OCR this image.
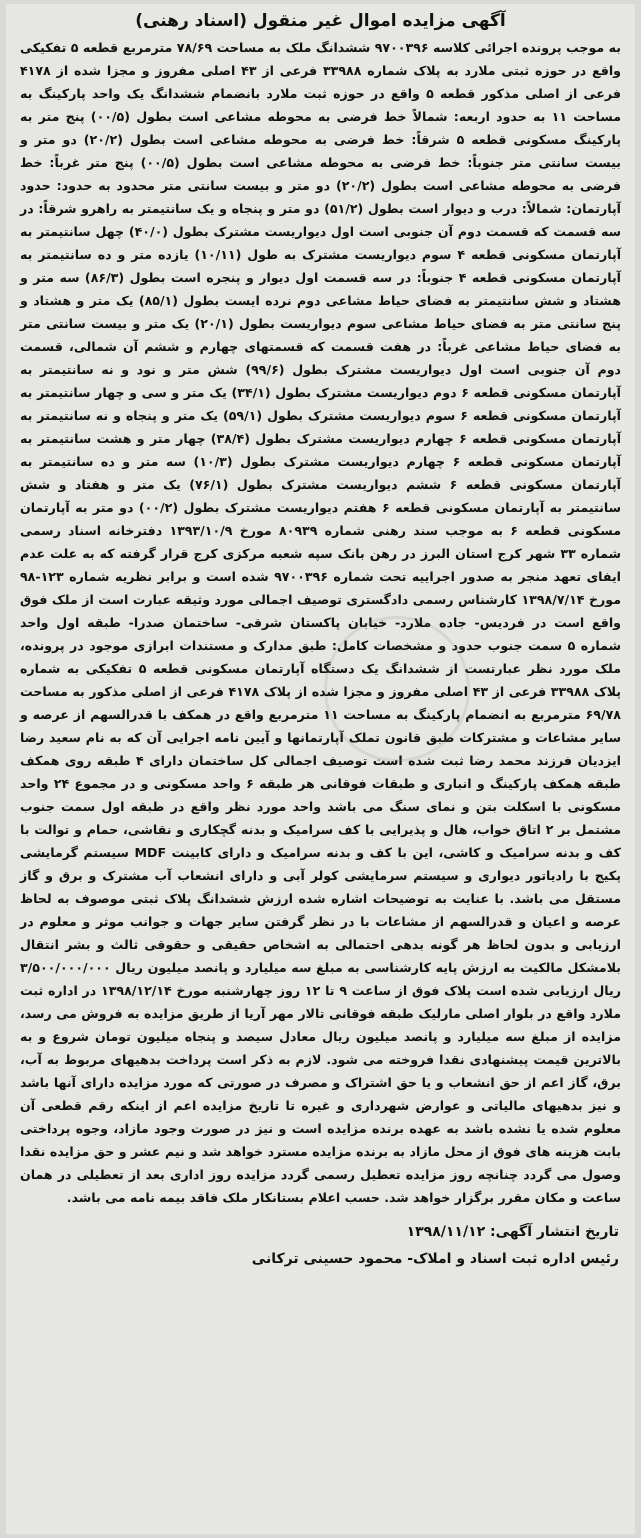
آگهی مزایده اموال غیر منقول (اسناد رهنی)

به موجب پرونده اجرائی کلاسه ۹۷۰۰۳۹۶ ششدانگ ملک به مساحت ۷۸/۶۹ مترمربع قطعه ۵ تفکیکی واقع در حوزه ثبتی ملارد به پلاک شماره ۳۳۹۸۸ فرعی از ۴۳ اصلی مفروز و مجزا شده از ۴۱۷۸ فرعی از اصلی مذکور قطعه ۵ واقع در حوزه ثبت ملارد بانضمام ششدانگ یک واحد پارکینگ به مساحت ۱۱ به حدود اربعه: شمالاً خط فرضی به محوطه مشاعی است بطول (۰۰/۵) پنج متر به پارکینگ مسکونی قطعه ۵ شرقاً: خط فرضی به محوطه مشاعی است بطول (۲۰/۲) دو متر و بیست سانتی متر جنوباً: خط فرضی به محوطه مشاعی است بطول (۰۰/۵) پنج متر غرباً: خط فرضی به محوطه مشاعی است بطول (۲۰/۲) دو متر و بیست سانتی متر محدود به حدود: حدود آپارتمان: شمالاً: درب و دیوار است بطول (۵۱/۲) دو متر و پنجاه و یک سانتیمتر به راهرو شرقاً: در سه قسمت که قسمت دوم آن جنوبی است اول دیواریست مشترک بطول (۴۰/۰) چهل سانتیمتر به آپارتمان مسکونی قطعه ۴ سوم دیواریست مشترک به طول (۱۰/۱۱) یازده متر و ده سانتیمتر به آپارتمان مسکونی قطعه ۴ جنوباً: در سه قسمت اول دیوار و پنجره است بطول (۸۶/۳) سه متر و هشتاد و شش سانتیمتر به فضای حیاط مشاعی دوم نرده ایست بطول (۸۵/۱) یک متر و هشتاد و پنج سانتی متر به فضای حیاط مشاعی سوم دیواریست بطول (۲۰/۱) یک متر و بیست سانتی متر به فضای حیاط مشاعی غرباً: در هفت قسمت که قسمتهای چهارم و ششم آن شمالی، قسمت دوم آن جنوبی است اول دیواریست مشترک بطول (۹۹/۶) شش متر و نود و نه سانتیمتر به آپارتمان مسکونی قطعه ۶ دوم دیواریست مشترک بطول (۳۴/۱) یک متر و سی و چهار سانتیمتر به آپارتمان مسکونی قطعه ۶ سوم دیواریست مشترک بطول (۵۹/۱) یک متر و پنجاه و نه سانتیمتر به آپارتمان مسکونی قطعه ۶ چهارم دیواریست مشترک بطول (۳۸/۴) چهار متر و هشت سانتیمتر به آپارتمان مسکونی قطعه ۶ چهارم دیواریست مشترک بطول (۱۰/۳) سه متر و ده سانتیمتر به آپارتمان مسکونی قطعه ۶ ششم دیواریست مشترک بطول (۷۶/۱) یک متر و هفتاد و شش سانتیمتر به آپارتمان مسکونی قطعه ۶ هفتم دیواریست مشترک بطول (۰۰/۲) دو متر به آپارتمان مسکونی قطعه ۶ به موجب سند رهنی شماره ۸۰۹۳۹ مورخ ۱۳۹۳/۱۰/۹ دفترخانه اسناد رسمی شماره ۳۳ شهر کرج استان البرز در رهن بانک سپه شعبه مرکزی کرج قرار گرفته که به علت عدم ایفای تعهد منجر به صدور اجراییه تحت شماره ۹۷۰۰۳۹۶ شده است و برابر نظریه شماره ۱۲۳-۹۸ مورخ ۱۳۹۸/۷/۱۴ کارشناس رسمی دادگستری توصیف اجمالی مورد وثیقه عبارت است از ملک فوق واقع است در فردیس- جاده ملارد- خیابان پاکستان شرقی- ساختمان صدرا- طبقه اول واحد شماره ۵ سمت جنوب حدود و مشخصات کامل: طبق مدارک و مستندات ابرازی موجود در پرونده، ملک مورد نظر عبارتست از ششدانگ یک دستگاه آپارتمان مسکونی قطعه ۵ تفکیکی به شماره پلاک ۳۳۹۸۸ فرعی از ۴۳ اصلی مفروز و مجزا شده از پلاک ۴۱۷۸ فرعی از اصلی مذکور به مساحت ۶۹/۷۸ مترمربع به انضمام پارکینگ به مساحت ۱۱ مترمربع واقع در همکف با قدرالسهم از عرصه و سایر مشاعات و مشترکات طبق قانون تملک آپارتمانها و آیین نامه اجرایی آن که به نام سعید رضا ایزدیان فرزند محمد رضا ثبت شده است توصیف اجمالی کل ساختمان دارای ۴ طبقه روی همکف طبقه همکف پارکینگ و انباری و طبقات فوقانی هر طبقه ۶ واحد مسکونی و در مجموع ۲۴ واحد مسکونی با اسکلت بتن و نمای سنگ می باشد واحد مورد نظر واقع در طبقه اول سمت جنوب مشتمل بر ۲ اتاق خواب، هال و پذیرایی با کف سرامیک و بدنه گچکاری و نقاشی، حمام و توالت با کف و بدنه سرامیک و کاشی، این با کف و بدنه سرامیک و دارای کابینت MDF سیستم گرمایشی پکیج با رادیاتور دیواری و سیستم سرمایشی کولر آبی و دارای انشعاب آب مشترک و برق و گاز مستقل می باشد. با عنایت به توضیحات اشاره شده ارزش ششدانگ پلاک ثبتی موصوف به لحاظ عرصه و اعیان و قدرالسهم از مشاعات با در نظر گرفتن سایر جهات و جوانب موثر و معلوم در ارزیابی و بدون لحاظ هر گونه بدهی احتمالی به اشخاص حقیقی و حقوقی ثالث و بشر انتقال بلامشکل مالکیت به ارزش پایه کارشناسی به مبلغ سه میلیارد و پانصد میلیون ریال ۳/۵۰۰/۰۰۰/۰۰۰ ریال ارزیابی شده است پلاک فوق از ساعت ۹ تا ۱۲ روز چهارشنبه مورخ ۱۳۹۸/۱۲/۱۴ در اداره ثبت ملارد واقع در بلوار اصلی مارلیک طبقه فوقانی تالار مهر آریا از طریق مزایده به فروش می رسد، مزایده از مبلغ سه میلیارد و پانصد میلیون ریال معادل سیصد و پنجاه میلیون تومان شروع و به بالاترین قیمت پیشنهادی نقدا فروخته می شود. لازم به ذکر است پرداخت بدهیهای مربوط به آب، برق، گاز اعم از حق انشعاب و یا حق اشتراک و مصرف در صورتی که مورد مزایده دارای آنها باشد و نیز بدهیهای مالیاتی و عوارض شهرداری و غیره تا تاریخ مزایده اعم از اینکه رقم قطعی آن معلوم شده یا نشده باشد به عهده برنده مزایده است و نیز در صورت وجود مازاد، وجوه پرداختی بابت هزینه های فوق از محل مازاد به برنده مزایده مسترد خواهد شد و نیم عشر و حق مزایده نقدا وصول می گردد چنانچه روز مزایده تعطیل رسمی گردد مزایده روز اداری بعد از تعطیلی در همان ساعت و مکان مقرر برگزار خواهد شد. حسب اعلام بستانکار ملک فاقد بیمه نامه می باشد.

تاریخ انتشار آگهی: ۱۳۹۸/۱۱/۱۲
رئیس اداره ثبت اسناد و املاک- محمود حسینی ترکانی
